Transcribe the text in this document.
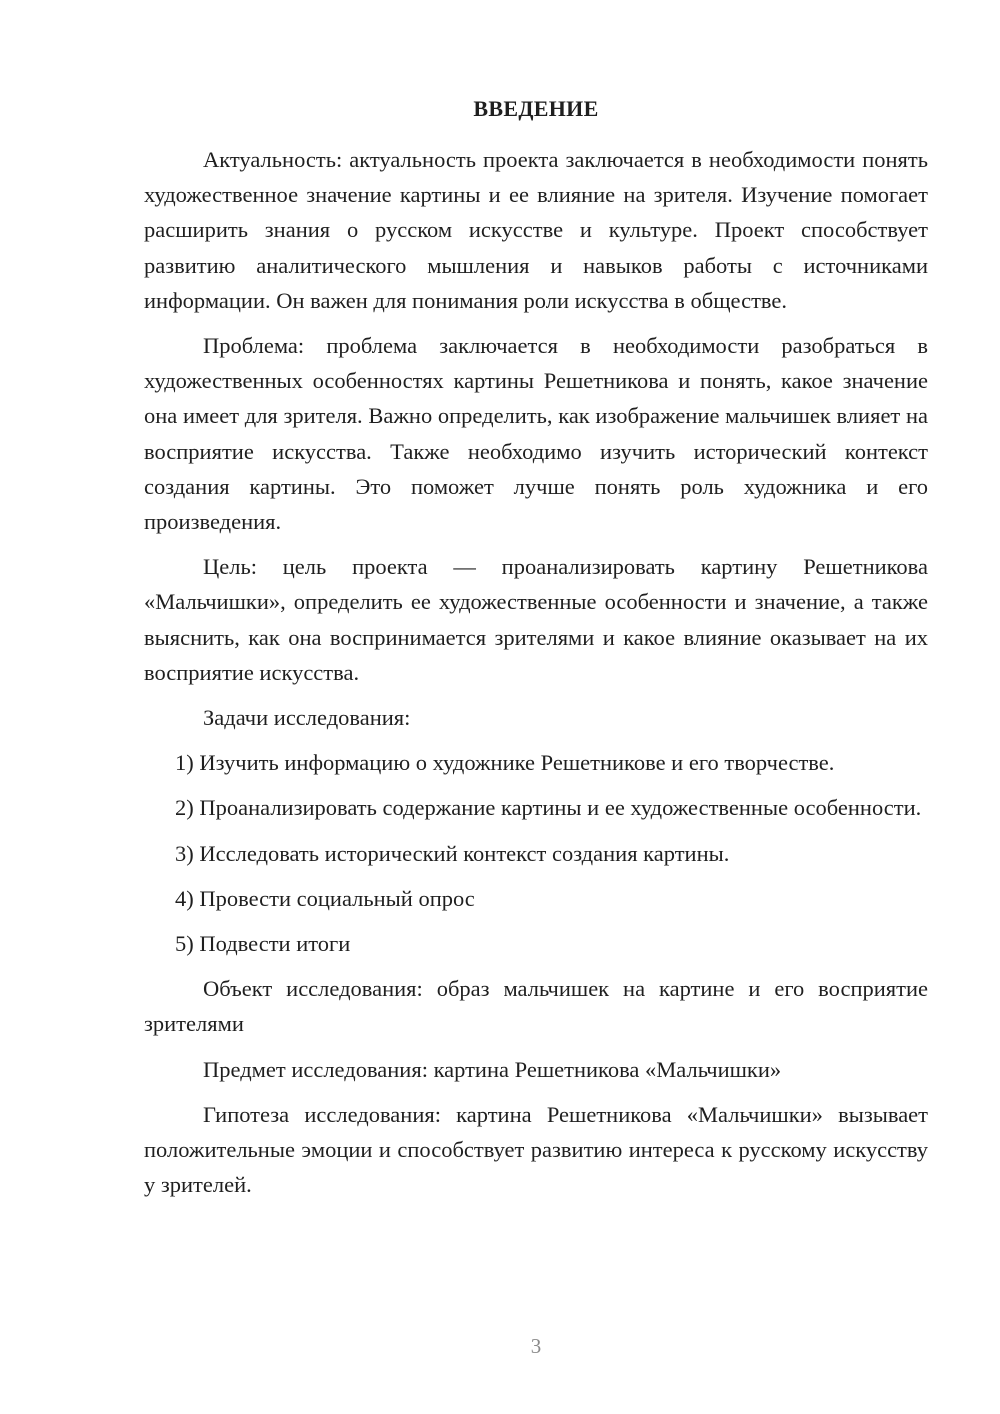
ВВЕДЕНИЕ

Актуальность: актуальность проекта заключается в необходимости понять художественное значение картины и ее влияние на зрителя. Изучение помогает расширить знания о русском искусстве и культуре. Проект способствует развитию аналитического мышления и навыков работы с источниками информации. Он важен для понимания роли искусства в обществе.

Проблема: проблема заключается в необходимости разобраться в художественных особенностях картины Решетникова и понять, какое значение она имеет для зрителя. Важно определить, как изображение мальчишек влияет на восприятие искусства. Также необходимо изучить исторический контекст создания картины. Это поможет лучше понять роль художника и его произведения.

Цель: цель проекта — проанализировать картину Решетникова «Мальчишки», определить ее художественные особенности и значение, а также выяснить, как она воспринимается зрителями и какое влияние оказывает на их восприятие искусства.

Задачи исследования:

1) Изучить информацию о художнике Решетникове и его творчестве.

2) Проанализировать содержание картины и ее художественные особенности.

3) Исследовать исторический контекст создания картины.

4) Провести социальный опрос

5) Подвести итоги

Объект исследования: образ мальчишек на картине и его восприятие зрителями

Предмет исследования: картина Решетникова «Мальчишки»

Гипотеза исследования: картина Решетникова «Мальчишки» вызывает положительные эмоции и способствует развитию интереса к русскому искусству у зрителей.

3
